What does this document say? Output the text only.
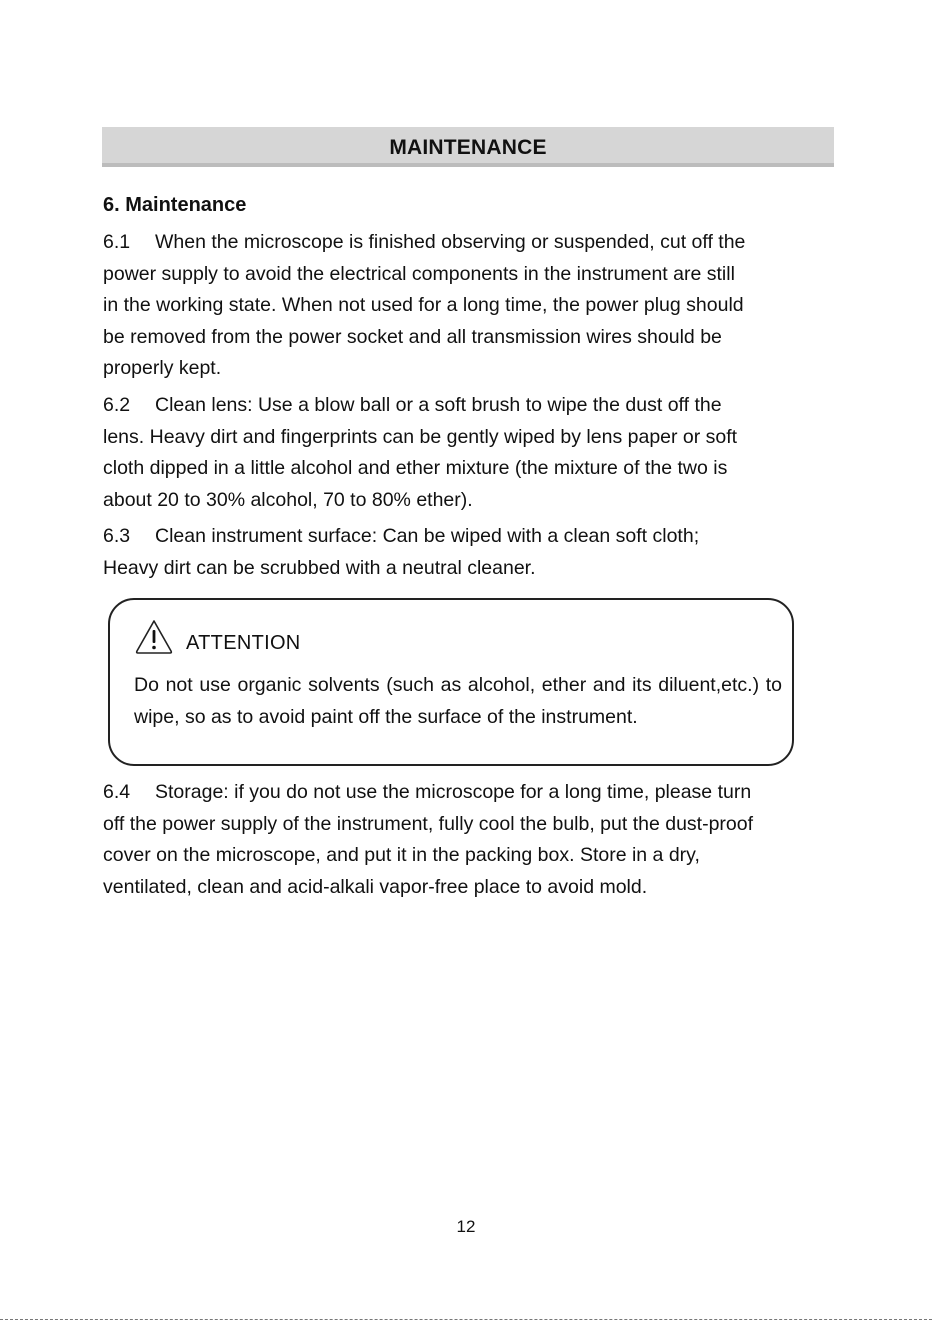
MAINTENANCE
6. Maintenance
6.1 When the microscope is finished observing or suspended, cut off the
power supply to avoid the electrical components in the instrument are still
in the working state. When not used for a long time, the power plug should
be removed from the power socket and all transmission wires should be
properly kept.
6.2 Clean lens: Use a blow ball or a soft brush to wipe the dust off the
lens. Heavy dirt and fingerprints can be gently wiped by lens paper or soft
cloth dipped in a little alcohol and ether mixture (the mixture of the two is
about 20 to 30% alcohol, 70 to 80% ether).
6.3 Clean instrument surface: Can be wiped with a clean soft cloth;
Heavy dirt can be scrubbed with a neutral cleaner.
ATTENTION
Do not use organic solvents (such as alcohol, ether and its diluent,etc.) to wipe, so as to avoid paint off the surface of the instrument.
6.4 Storage: if you do not use the microscope for a long time, please turn
off the power supply of the instrument, fully cool the bulb, put the dust-proof
cover on the microscope, and put it in the packing box. Store in a dry,
ventilated, clean and acid-alkali vapor-free place to avoid mold.
12
